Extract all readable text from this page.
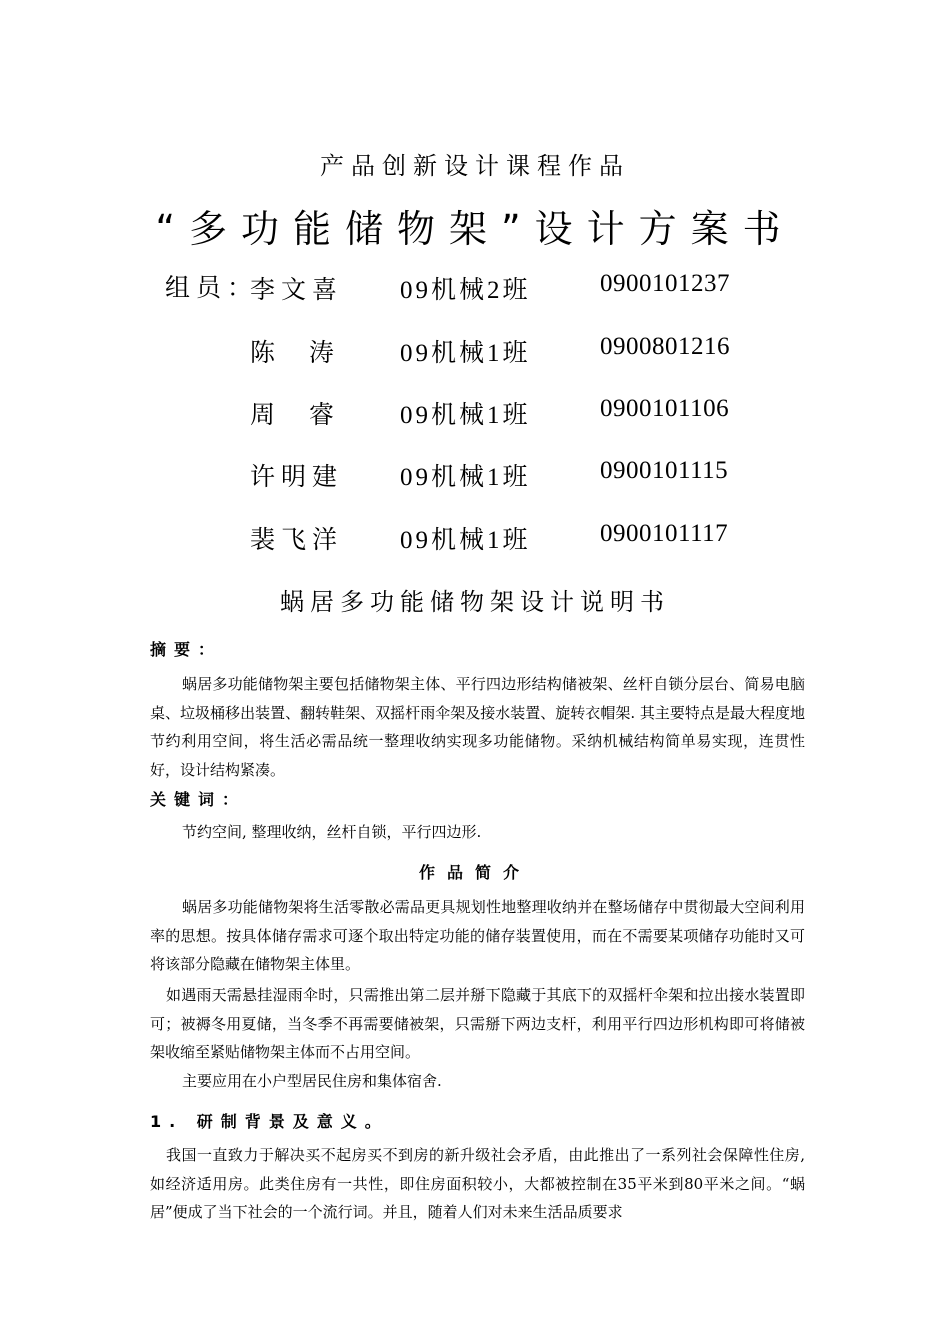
产品创新设计课程作品
“多功能储物架”设计方案书
组员：
李文喜 09机械2班	0900101237
陈  涛 09机械1班	0900801216
周  睿 09机械1班	0900101106
许明建 09机械1班	0900101115
裴飞洋 09机械1班	0900101117
蜗居多功能储物架设计说明书
摘要：

蜗居多功能储物架主要包括储物架主体、平行四边形结构储被架、丝杆自锁分层台、简易电脑桌、垃圾桶移出装置、翻转鞋架、双摇杆雨伞架及接水装置、旋转衣帽架. 其主要特点是最大程度地节约利用空间，将生活必需品统一整理收纳实现多功能储物。采纳机械结构简单易实现，连贯性好，设计结构紧凑。

关键词：

节约空间, 整理收纳，丝杆自锁，平行四边形.

作品简介

蜗居多功能储物架将生活零散必需品更具规划性地整理收纳并在整场储存中贯彻最大空间利用率的思想。按具体储存需求可逐个取出特定功能的储存装置使用，而在不需要某项储存功能时又可将该部分隐藏在储物架主体里。

如遇雨天需悬挂湿雨伞时，只需推出第二层并掰下隐藏于其底下的双摇杆伞架和拉出接水装置即可；被褥冬用夏储，当冬季不再需要储被架，只需掰下两边支杆，利用平行四边形机构即可将储被架收缩至紧贴储物架主体而不占用空间。

主要应用在小户型居民住房和集体宿舍.

1. 研制背景及意义。

我国一直致力于解决买不起房买不到房的新升级社会矛盾，由此推出了一系列社会保障性住房, 如经济适用房。此类住房有一共性，即住房面积较小，大都被控制在35平米到80平米之间。“蜗居”便成了当下社会的一个流行词。并且，随着人们对未来生活品质要求
